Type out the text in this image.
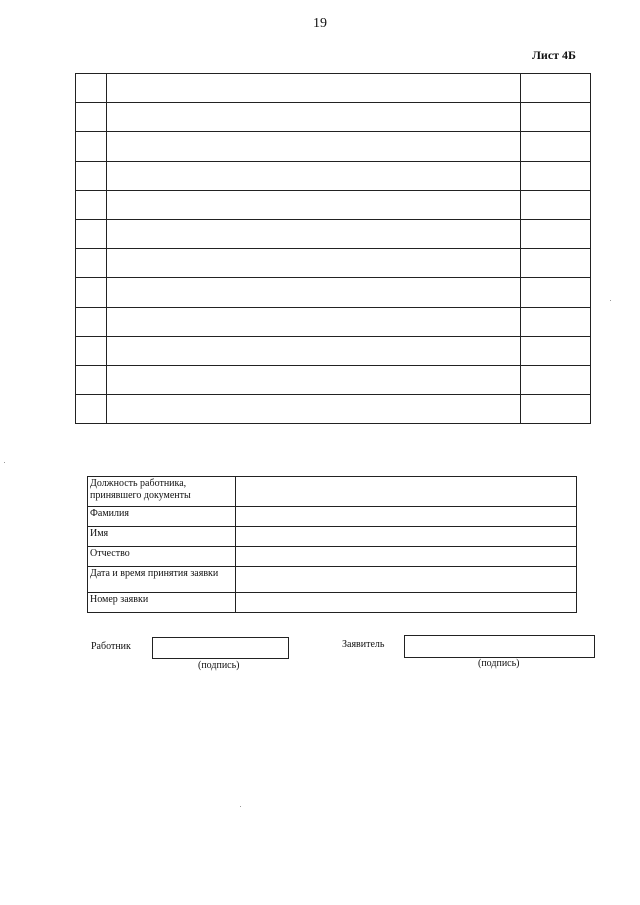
19
Лист 4Б

Должность работника, принявшего документы	
Фамилия	
Имя	
Отчество	
Дата и время принятия заявки	
Номер заявки	
Работник
(подпись)
Заявитель
(подпись)
